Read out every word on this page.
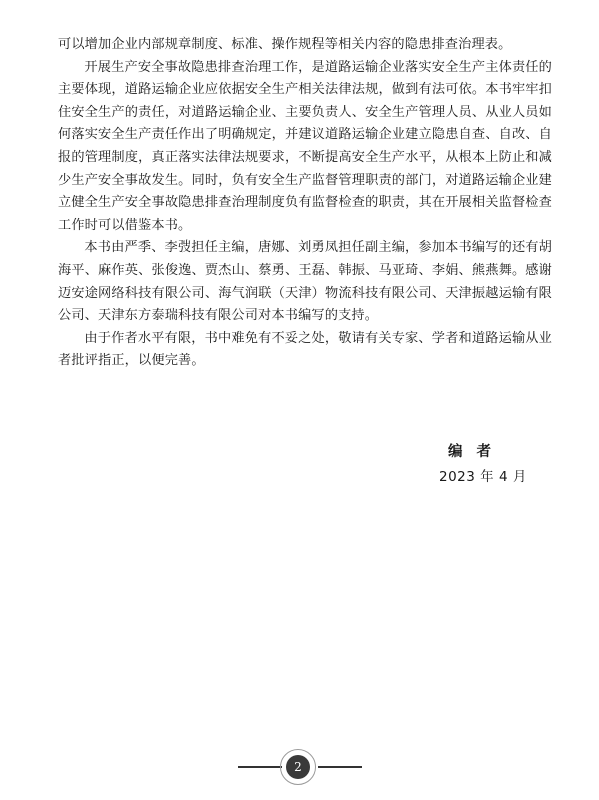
可以增加企业内部规章制度、标准、操作规程等相关内容的隐患排查治理表。

开展生产安全事故隐患排查治理工作，是道路运输企业落实安全生产主体责任的主要体现，道路运输企业应依据安全生产相关法律法规，做到有法可依。本书牢牢扣住安全生产的责任，对道路运输企业、主要负责人、安全生产管理人员、从业人员如何落实安全生产责任作出了明确规定，并建议道路运输企业建立隐患自查、自改、自报的管理制度，真正落实法律法规要求，不断提高安全生产水平，从根本上防止和减少生产安全事故发生。同时，负有安全生产监督管理职责的部门，对道路运输企业建立健全生产安全事故隐患排查治理制度负有监督检查的职责，其在开展相关监督检查工作时可以借鉴本书。

本书由严季、李弢担任主编，唐娜、刘勇凤担任副主编，参加本书编写的还有胡海平、麻作英、张俊逸、贾杰山、蔡勇、王磊、韩振、马亚琦、李娟、熊燕舞。感谢迈安途网络科技有限公司、海气润联（天津）物流科技有限公司、天津振越运输有限公司、天津东方泰瑞科技有限公司对本书编写的支持。

由于作者水平有限，书中难免有不妥之处，敬请有关专家、学者和道路运输从业者批评指正，以便完善。

编者
2023 年 4 月
2
